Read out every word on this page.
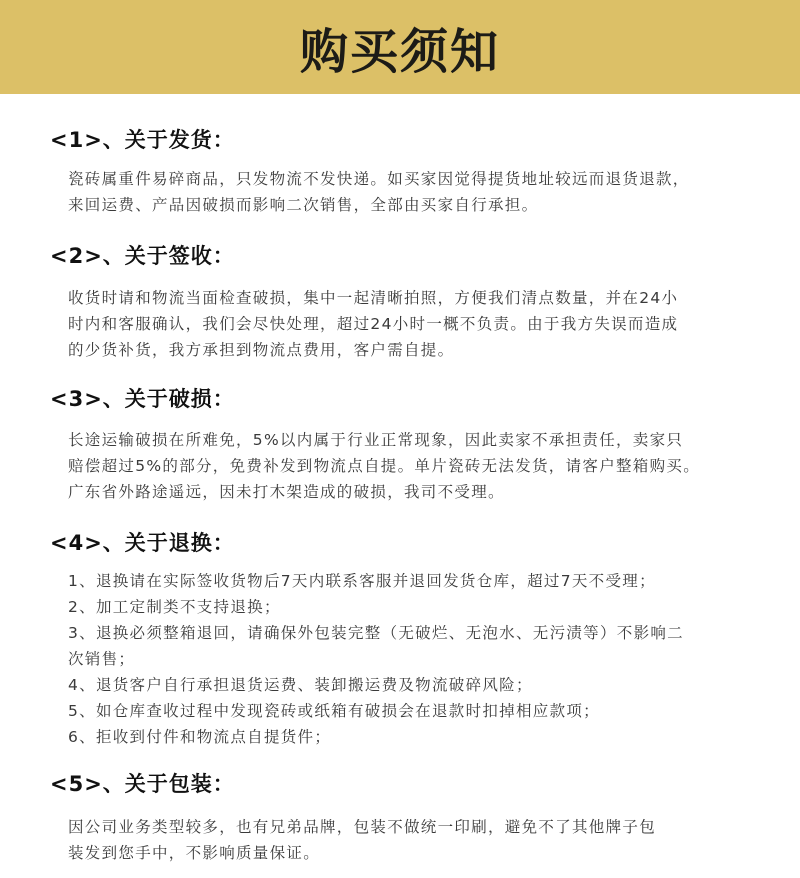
购买须知
<1>、关于发货：
瓷砖属重件易碎商品，只发物流不发快递。如买家因觉得提货地址较远而退货退款，
来回运费、产品因破损而影响二次销售，全部由买家自行承担。
<2>、关于签收：
收货时请和物流当面检查破损，集中一起清晰拍照，方便我们清点数量，并在24小
时内和客服确认，我们会尽快处理，超过24小时一概不负责。由于我方失误而造成
的少货补货，我方承担到物流点费用，客户需自提。
<3>、关于破损：
长途运输破损在所难免，5%以内属于行业正常现象，因此卖家不承担责任，卖家只
赔偿超过5%的部分，免费补发到物流点自提。单片瓷砖无法发货，请客户整箱购买。
广东省外路途遥远，因未打木架造成的破损，我司不受理。
<4>、关于退换：
1、退换请在实际签收货物后7天内联系客服并退回发货仓库，超过7天不受理；
2、加工定制类不支持退换；
3、退换必须整箱退回，请确保外包装完整（无破烂、无泡水、无污渍等）不影响二
次销售；
4、退货客户自行承担退货运费、装卸搬运费及物流破碎风险；
5、如仓库查收过程中发现瓷砖或纸箱有破损会在退款时扣掉相应款项；
6、拒收到付件和物流点自提货件；
<5>、关于包装：
因公司业务类型较多，也有兄弟品牌，包装不做统一印刷，避免不了其他牌子包
装发到您手中，不影响质量保证。
